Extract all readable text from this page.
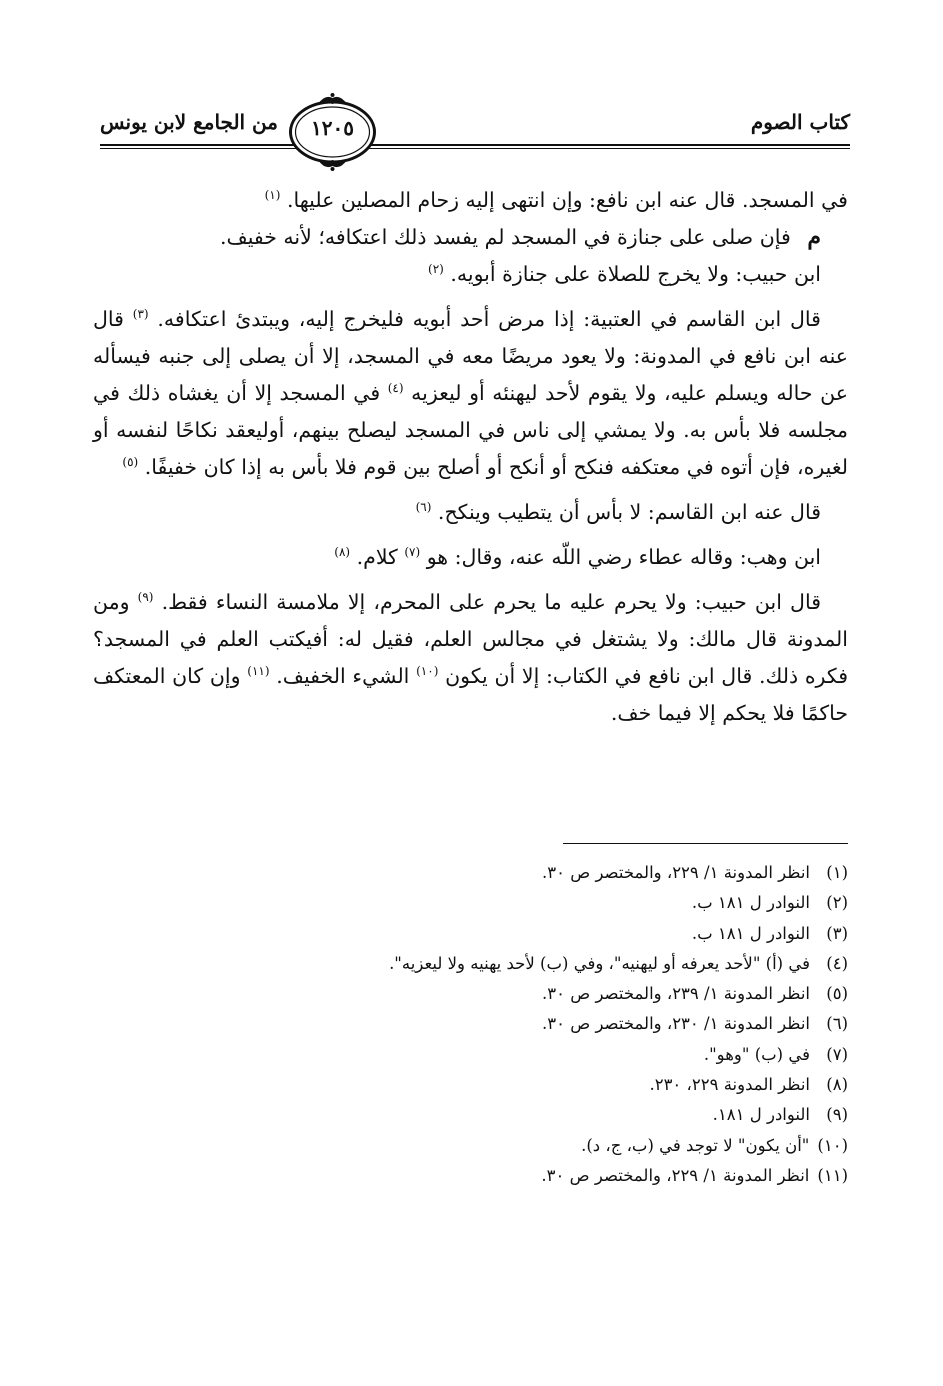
كتاب الصوم
من الجامع لابن يونس	١٢٠٥

في المسجد. قال عنه ابن نافع: وإن انتهى إليه زحام المصلين عليها. $^{(١)}$

م فإن صلى على جنازة في المسجد لم يفسد ذلك اعتكافه؛ لأنه خفيف.

ابن حبيب: ولا يخرج للصلاة على جنازة أبويه. $^{(٢)}$

قال ابن القاسم في العتبية: إذا مرض أحد أبويه فليخرج إليه، ويبتدئ اعتكافه. $^{(٣)}$ قال عنه ابن نافع في المدونة: ولا يعود مريضًا معه في المسجد، إلا أن يصلى إلى جنبه فيسأله عن حاله ويسلم عليه، ولا يقوم لأحد ليهنئه أو ليعزيه $^{(٤)}$ في المسجد إلا أن يغشاه ذلك في مجلسه فلا بأس به. ولا يمشي إلى ناس في المسجد ليصلح بينهم، أوليعقد نكاحًا لنفسه أو لغيره، فإن أتوه في معتكفه فنكح أو أنكح أو أصلح بين قوم فلا بأس به إذا كان خفيفًا. $^{(٥)}$

قال عنه ابن القاسم: لا بأس أن يتطيب وينكح. $^{(٦)}$

ابن وهب: وقاله عطاء رضي اللّه عنه، وقال: هو $^{(٧)}$ كلام. $^{(٨)}$

قال ابن حبيب: ولا يحرم عليه ما يحرم على المحرم، إلا ملامسة النساء فقط. $^{(٩)}$ ومن المدونة قال مالك: ولا يشتغل في مجالس العلم، فقيل له: أفيكتب العلم في المسجد؟ فكره ذلك. قال ابن نافع في الكتاب: إلا أن يكون $^{(١٠)}$ الشيء الخفيف. $^{(١١)}$ وإن كان المعتكف حاكمًا فلا يحكم إلا فيما خف.

(١)انظر المدونة ١/ ٢٢٩، والمختصر ص ٣٠.
(٢)النوادر ل ١٨١ ب.
(٣)النوادر ل ١٨١ ب.
(٤)في (أ) "لأحد يعرفه أو ليهنيه"، وفي (ب) لأحد يهنيه ولا ليعزيه".
(٥)انظر المدونة ١/ ٢٣٩، والمختصر ص ٣٠.
(٦)انظر المدونة ١/ ٢٣٠، والمختصر ص ٣٠.
(٧)في (ب) "وهو".
(٨)انظر المدونة ٢٢٩، ٢٣٠.
(٩)النوادر ل ١٨١.
(١٠)"أن يكون" لا توجد في (ب، ج، د).
(١١)انظر المدونة ١/ ٢٢٩، والمختصر ص ٣٠.
